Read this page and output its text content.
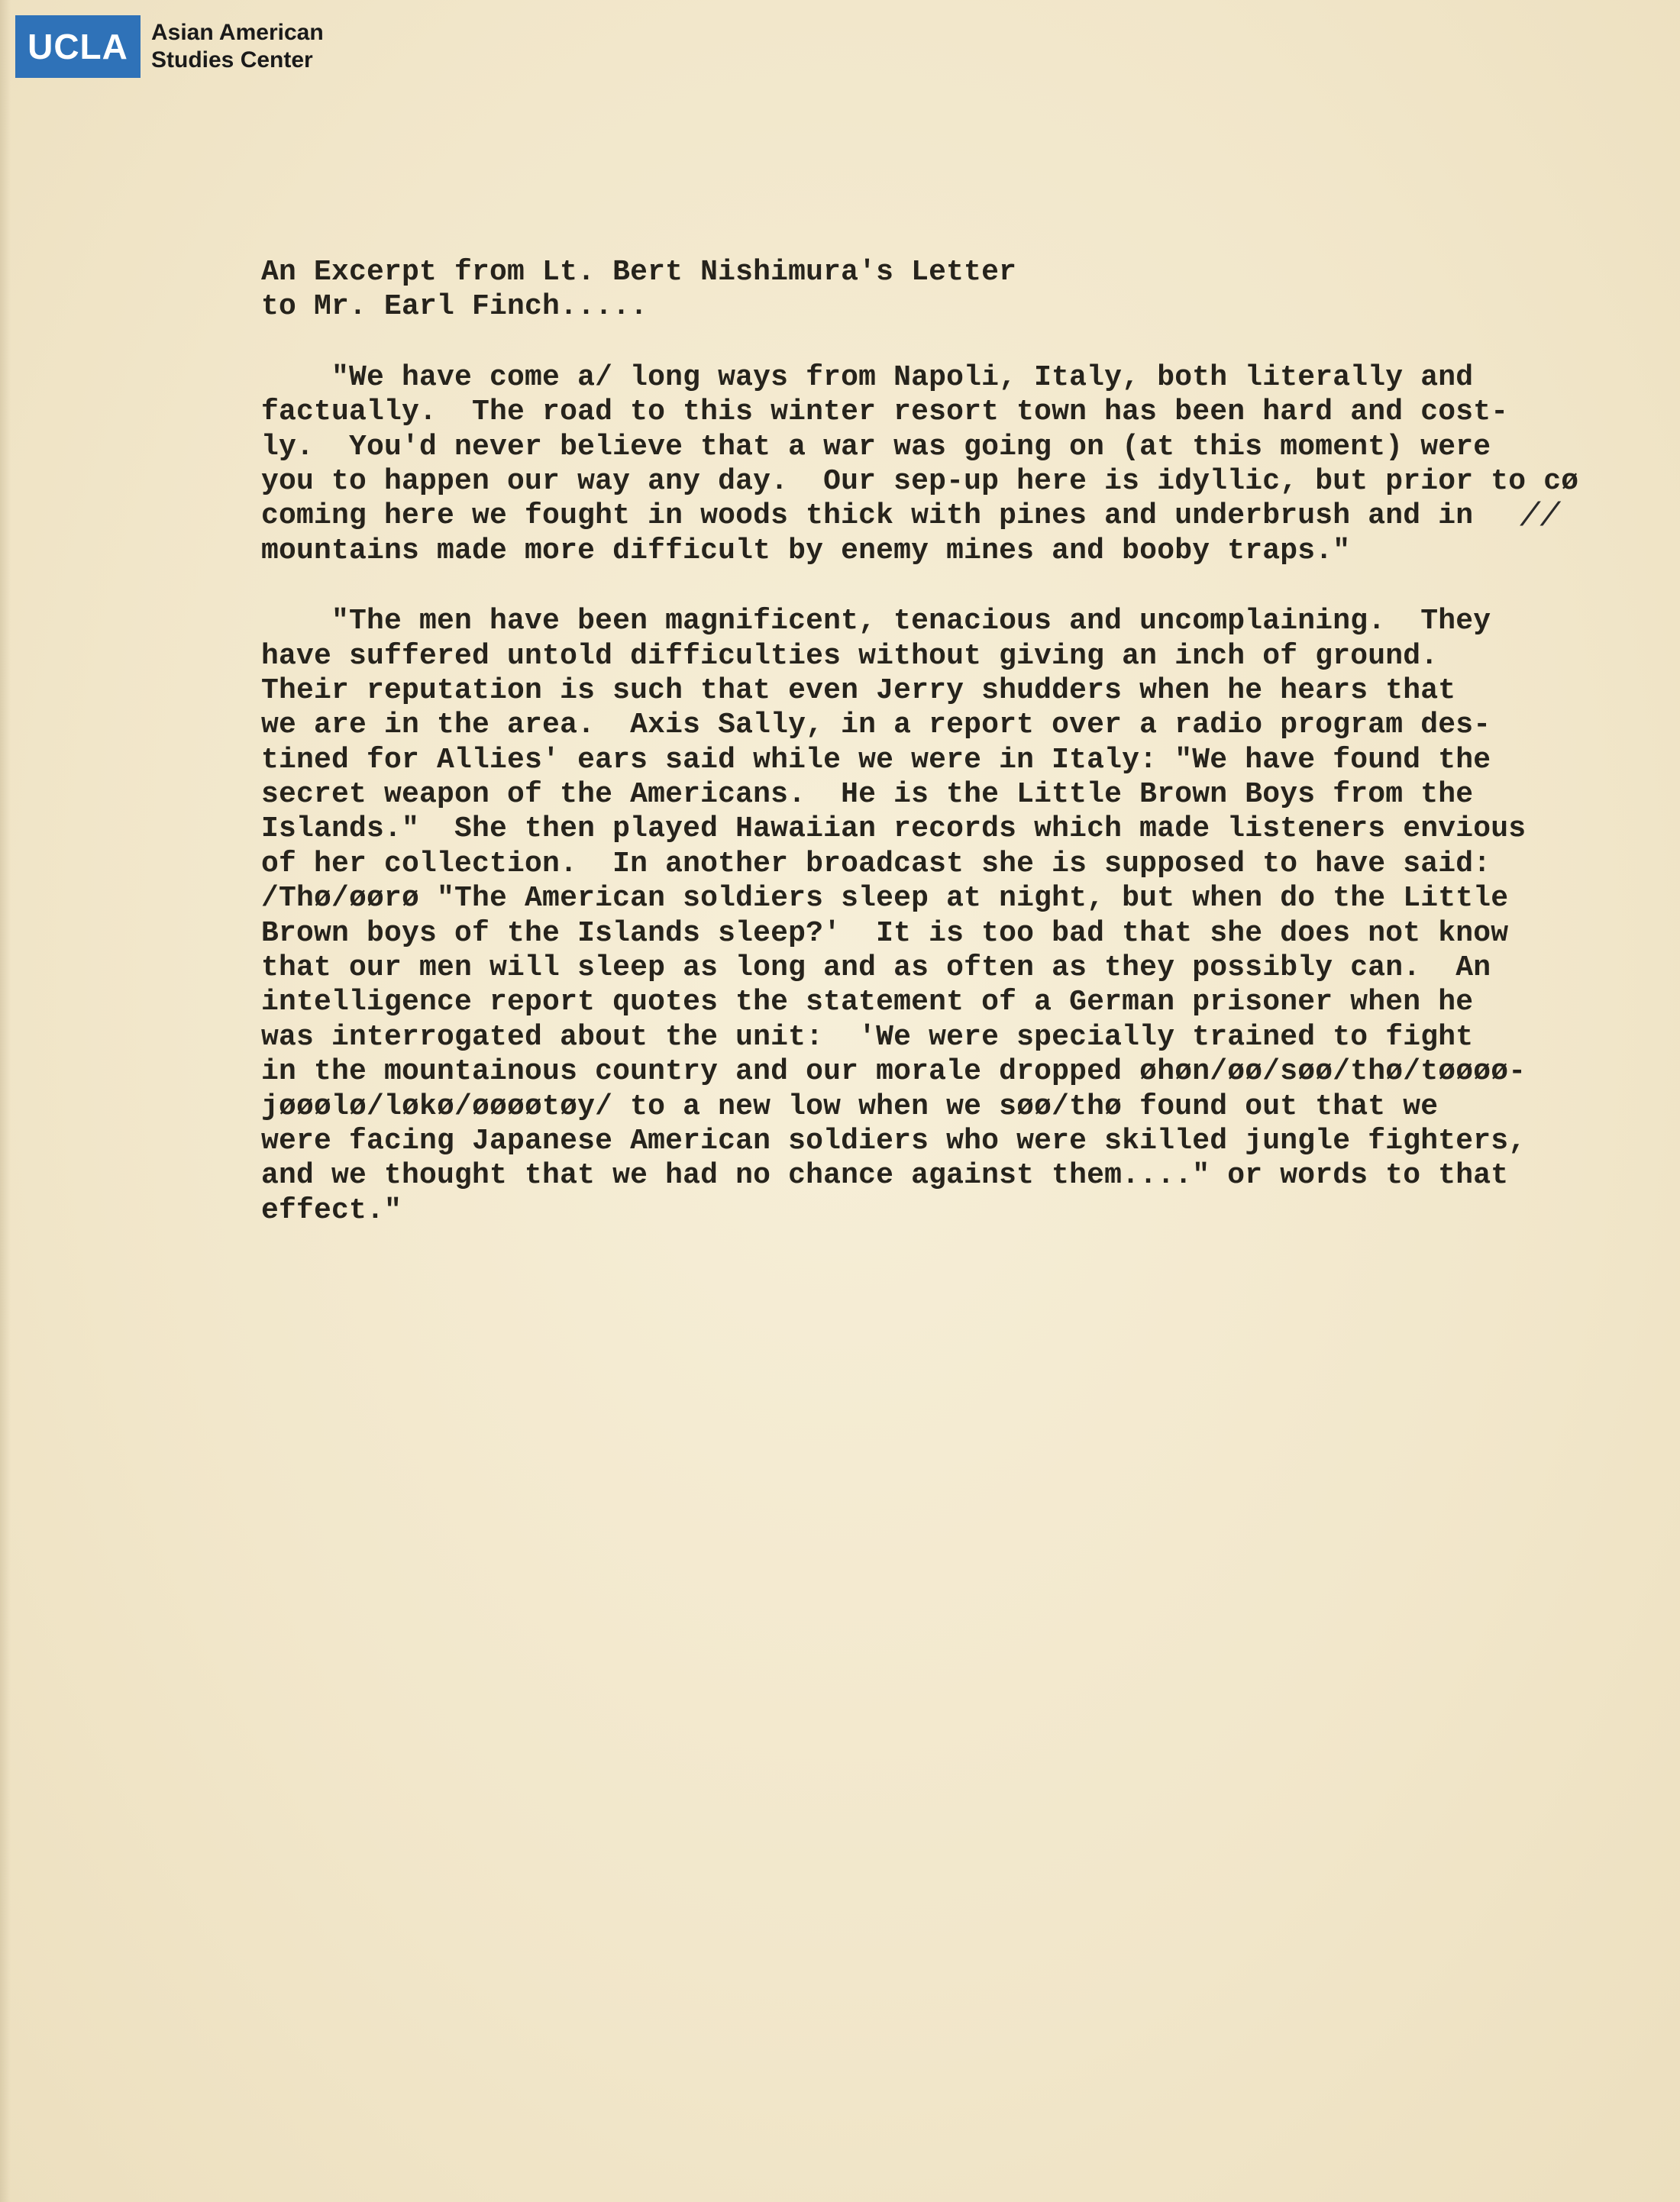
UCLA	Asian American
Studies Center
An Excerpt from Lt. Bert Nishimura's Letter
to Mr. Earl Finch.....
"We have come a/ long ways from Napoli, Italy, both literally and
factually.  The road to this winter resort town has been hard and cost-
ly.  You'd never believe that a war was going on (at this moment) were
you to happen our way any day.  Our sep-up here is idyllic, but prior to cø
coming here we fought in woods thick with pines and underbrush and in
mountains made more difficult by enemy mines and booby traps."
"The men have been magnificent, tenacious and uncomplaining.  They
have suffered untold difficulties without giving an inch of ground.
Their reputation is such that even Jerry shudders when he hears that
we are in the area.  Axis Sally, in a report over a radio program des-
tined for Allies' ears said while we were in Italy: "We have found the
secret weapon of the Americans.  He is the Little Brown Boys from the
Islands."  She then played Hawaiian records which made listeners envious
of her collection.  In another broadcast she is supposed to have said:
/Thø/øørø "The American soldiers sleep at night, but when do the Little
Brown boys of the Islands sleep?'  It is too bad that she does not know
that our men will sleep as long and as often as they possibly can.  An
intelligence report quotes the statement of a German prisoner when he
was interrogated about the unit:  'We were specially trained to fight
in the mountainous country and our morale dropped øhøn/øø/søø/thø/tøøøø-
jøøølø/løkø/øøøøtøy/ to a new low when we søø/thø found out that we
were facing Japanese American soldiers who were skilled jungle fighters,
and we thought that we had no chance against them...." or words to that
effect."
//
